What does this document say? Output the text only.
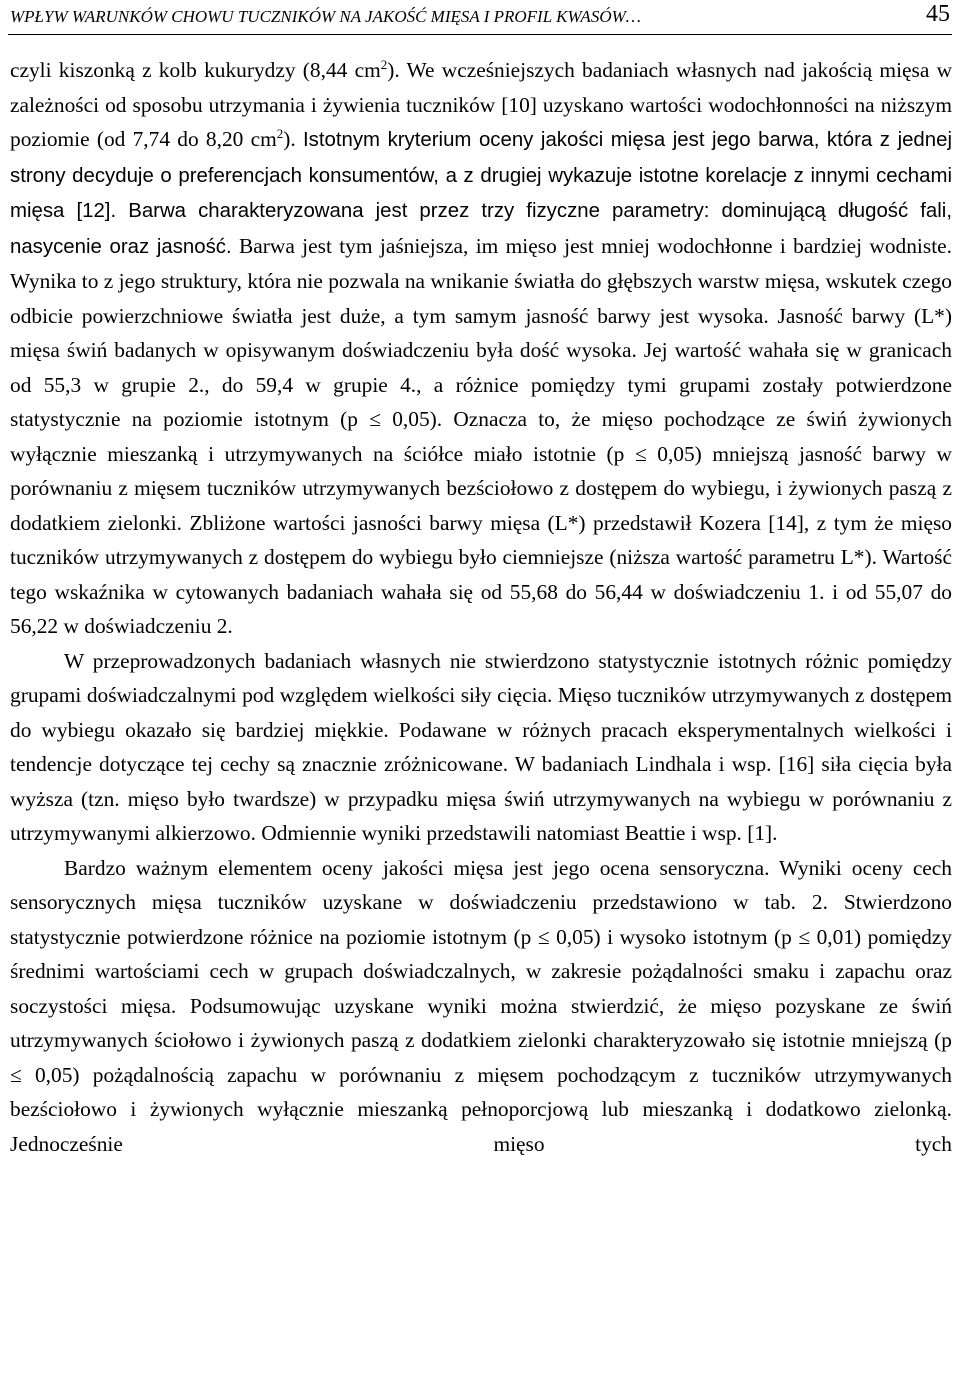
WPŁYW WARUNKÓW CHOWU TUCZNIKÓW NA JAKOŚĆ MIĘSA I PROFIL KWASÓW…	45

czyli kiszonką z kolb kukurydzy (8,44 $cm^2$). We wcześniejszych badaniach własnych nad jakością mięsa w zależności od sposobu utrzymania i żywienia tuczników [10] uzyskano wartości wodochłonności na niższym poziomie (od 7,74 do 8,20 $cm^2$). Istotnym kryterium oceny jakości mięsa jest jego barwa, która z jednej strony decyduje o preferencjach konsumentów, a z drugiej wykazuje istotne korelacje z innymi cechami mięsa [12]. Barwa charakteryzowana jest przez trzy fizyczne parametry: dominującą długość fali, nasycenie oraz jasność. Barwa jest tym jaśniejsza, im mięso jest mniej wodochłonne i bardziej wodniste. Wynika to z jego struktury, która nie pozwala na wnikanie światła do głębszych warstw mięsa, wskutek czego odbicie powierzchniowe światła jest duże, a tym samym jasność barwy jest wysoka. Jasność barwy (L*) mięsa świń badanych w opisywanym doświadczeniu była dość wysoka. Jej wartość wahała się w granicach od 55,3 w grupie 2., do 59,4 w grupie 4., a różnice pomiędzy tymi grupami zostały potwierdzone statystycznie na poziomie istotnym (p ≤ 0,05). Oznacza to, że mięso pochodzące ze świń żywionych wyłącznie mieszanką i utrzymywanych na ściółce miało istotnie (p ≤ 0,05) mniejszą jasność barwy w porównaniu z mięsem tuczników utrzymywanych bezściołowo z dostępem do wybiegu, i żywionych paszą z dodatkiem zielonki. Zbliżone wartości jasności barwy mięsa (L*) przedstawił Kozera [14], z tym że mięso tuczników utrzymywanych z dostępem do wybiegu było ciemniejsze (niższa wartość parametru L*). Wartość tego wskaźnika w cytowanych badaniach wahała się od 55,68 do 56,44 w doświadczeniu 1. i od 55,07 do 56,22 w doświadczeniu 2.

W przeprowadzonych badaniach własnych nie stwierdzono statystycznie istotnych różnic pomiędzy grupami doświadczalnymi pod względem wielkości siły cięcia. Mięso tuczników utrzymywanych z dostępem do wybiegu okazało się bardziej miękkie. Podawane w różnych pracach eksperymentalnych wielkości i tendencje dotyczące tej cechy są znacznie zróżnicowane. W badaniach Lindhala i wsp. [16] siła cięcia była wyższa (tzn. mięso było twardsze) w przypadku mięsa świń utrzymywanych na wybiegu w porównaniu z utrzymywanymi alkierzowo. Odmiennie wyniki przedstawili natomiast Beattie i wsp. [1].

Bardzo ważnym elementem oceny jakości mięsa jest jego ocena sensoryczna. Wyniki oceny cech sensorycznych mięsa tuczników uzyskane w doświadczeniu przedstawiono w tab. 2. Stwierdzono statystycznie potwierdzone różnice na poziomie istotnym (p ≤ 0,05) i wysoko istotnym (p ≤ 0,01) pomiędzy średnimi wartościami cech w grupach doświadczalnych, w zakresie pożądalności smaku i zapachu oraz soczystości mięsa. Podsumowując uzyskane wyniki można stwierdzić, że mięso pozyskane ze świń utrzymywanych ściołowo i żywionych paszą z dodatkiem zielonki charakteryzowało się istotnie mniejszą (p ≤ 0,05) pożądalnością zapachu w porównaniu z mięsem pochodzącym z tuczników utrzymywanych bezściołowo i żywionych wyłącznie mieszanką pełnoporcjową lub mieszanką i dodatkowo zielonką. Jednocześnie mięso tych
